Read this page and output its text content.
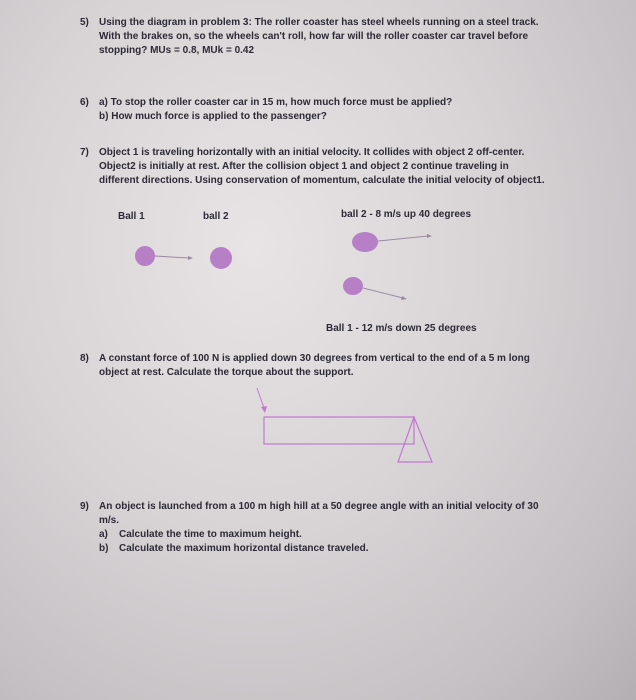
5) Using the diagram in problem 3: The roller coaster has steel wheels running on a steel track.
With the brakes on, so the wheels can't roll, how far will the roller coaster car travel before
stopping? MUs = 0.8, MUk = 0.42
6) a) To stop the roller coaster car in 15 m, how much force must be applied?
b) How much force is applied to the passenger?
7) Object 1 is traveling horizontally with an initial velocity. It collides with object 2 off-center.
Object2 is initially at rest. After the collision object 1 and object 2 continue traveling in
different directions. Using conservation of momentum, calculate the initial velocity of object1.
Ball 1	ball 2	ball 2 - 8 m/s up 40 degrees
Ball 1 - 12 m/s down 25 degrees
8) A constant force of 100 N is applied down 30 degrees from vertical to the end of a 5 m long
object at rest. Calculate the torque about the support.
9) An object is launched from a 100 m high hill at a 50 degree angle with an initial velocity of 30
m/s.
a) Calculate the time to maximum height.
b) Calculate the maximum horizontal distance traveled.
